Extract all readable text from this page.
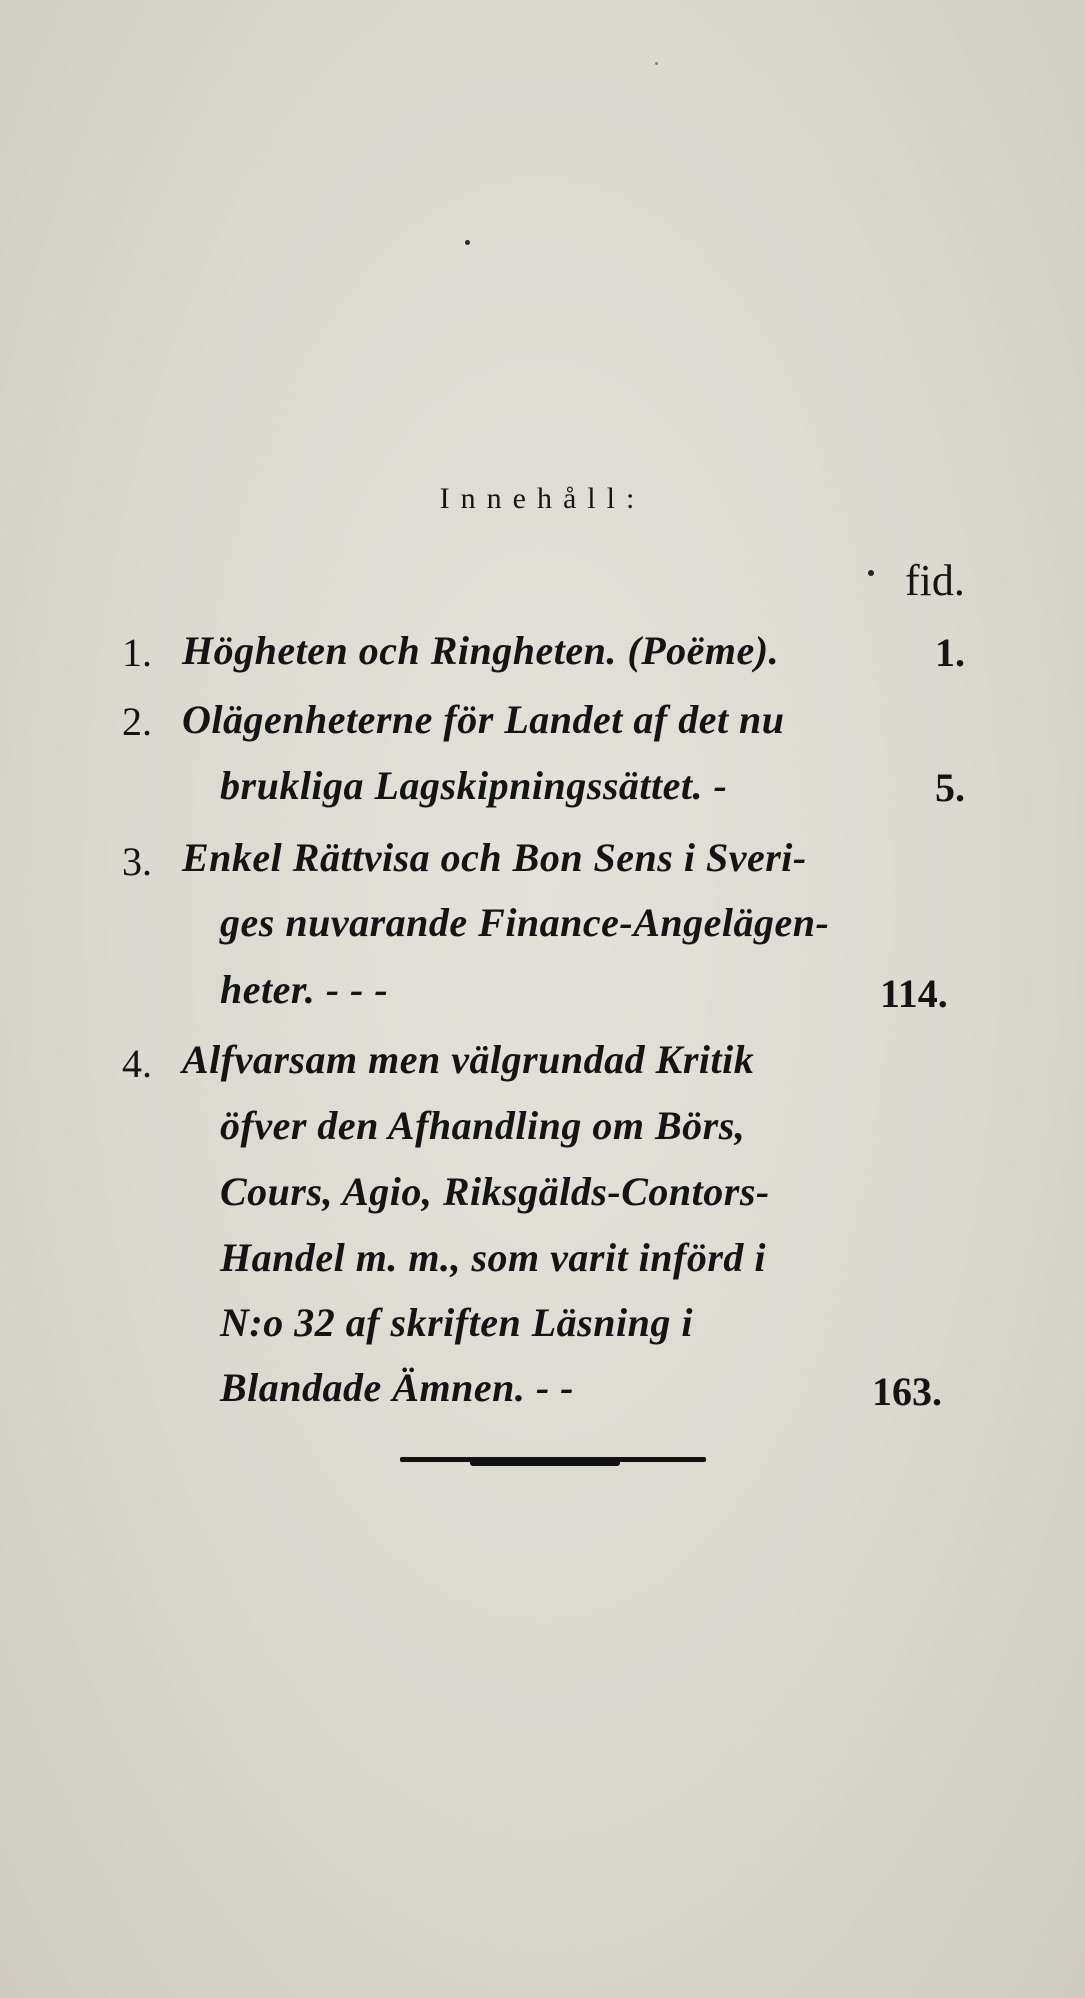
Innehåll:
fid.
1. Högheten och Ringheten. (Poëme).	1.
2. Olägenheterne för Landet af det nu
brukliga Lagskipningssättet. -	5.
3. Enkel Rättvisa och Bon Sens i Sveri-
ges nuvarande Finance-Angelägen-
heter. - - -	114.
4. Alfvarsam men välgrundad Kritik
öfver den Afhandling om Börs,
Cours, Agio, Riksgälds-Contors-
Handel m. m., som varit införd i
N:o 32 af skriften Läsning i
Blandade Ämnen. - -	163.
